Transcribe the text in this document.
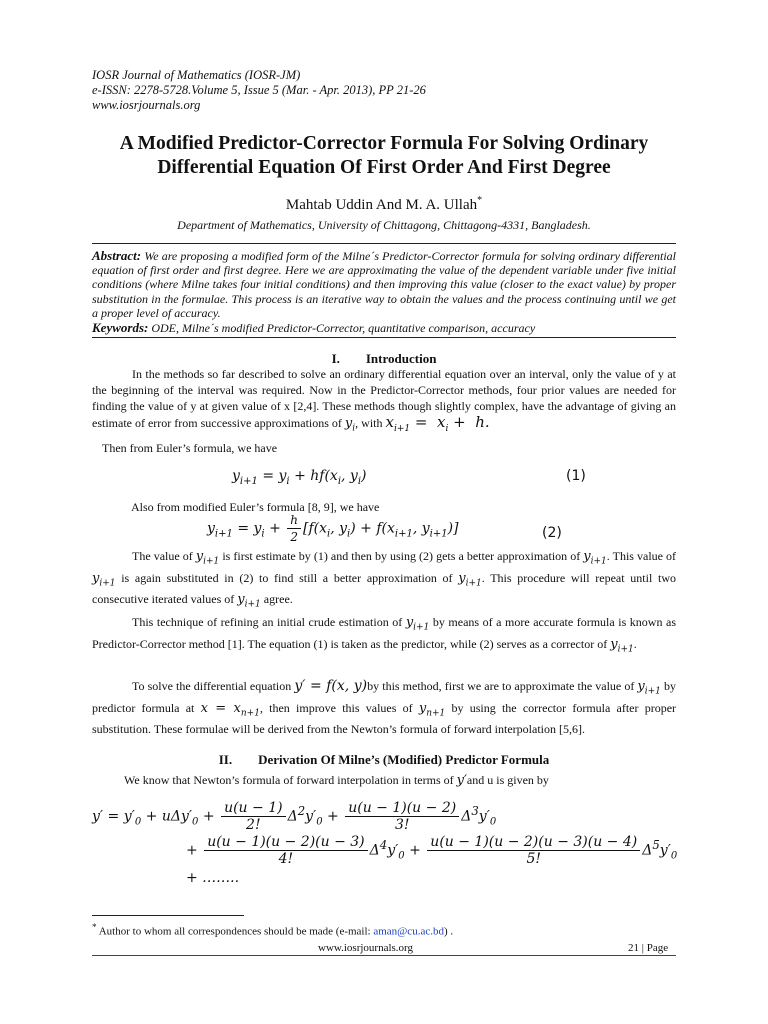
IOSR Journal of Mathematics (IOSR-JM)
e-ISSN: 2278-5728.Volume 5, Issue 5 (Mar. - Apr. 2013), PP 21-26
www.iosrjournals.org
A Modified Predictor-Corrector Formula For Solving Ordinary
Differential Equation Of First Order And First Degree
Mahtab Uddin And M. A. Ullah*
Department of Mathematics, University of Chittagong, Chittagong-4331, Bangladesh.
Abstract: We are proposing a modified form of the Milne´s Predictor-Corrector formula for solving ordinary differential equation of first order and first degree. Here we are approximating the value of the dependent variable under five initial conditions (where Milne takes four initial conditions) and then improving this value (closer to the exact value) by proper substitution in the formulae. This process is an iterative way to obtain the values and the process continuing until we get a proper level of accuracy.
Keywords: ODE, Milne´s modified Predictor-Corrector, quantitative comparison, accuracy
I. Introduction
In the methods so far described to solve an ordinary differential equation over an interval, only the value of y at the beginning of the interval was required. Now in the Predictor-Corrector methods, four prior values are needed for finding the value of y at given value of x [2,4]. These methods though slightly complex, have the advantage of giving an estimate of error from successive approximations of $y_i$, with $x_{i+1} = x_i + h$.
Then from Euler’s formula, we have
$y_{i+1} = y_i + hf(x_i$, $y_i$)	(1)
Also from modified Euler’s formula [8, 9], we have
$y_{i+1} = y_i + \frac{h}{2} [f(x_i$, $y_i) + f(x_{i+1}$, $y_{i+1}$)]	(2)
The value of $y_{i+1}$ is first estimate by (1) and then by using (2) gets a better approximation of $y_{i+1}$. This value of $y_{i+1}$ is again substituted in (2) to find still a better approximation of $y_{i+1}$. This procedure will repeat until two consecutive iterated values of $y_{i+1}$ agree.
This technique of refining an initial crude estimation of $y_{i+1}$ by means of a more accurate formula is known as Predictor-Corrector method [1]. The equation (1) is taken as the predictor, while (2) serves as a corrector of $y_{i+1}$.
To solve the differential equation y′ = f(x, y)by this method, first we are to approximate the value of $y_{i+1}$ by predictor formula at $x = x_{n+1}$, then improve this values of $y_{n+1}$ by using the corrector formula after proper substitution. These formulae will be derived from the Newton’s formula of forward interpolation [5,6].
II. Derivation Of Milne’s (Modified) Predictor Formula
We know that Newton’s formula of forward interpolation in terms of y′and u is given by
$y' = y'_0 + u\Delta y'_0 + \frac{u(u - 1)}{2!} \Delta^2y'_0 + \frac{u(u - 1)(u - 2)}{3!} \Delta^3y'_0$
+ $\frac{u(u - 1)(u - 2)(u - 3)}{4!} \Delta^4y'_0 + \frac{u(u - 1)(u - 2)(u - 3)(u - 4)}{5!} \Delta^5y'_0$
+ ……..
* Author to whom all correspondences should be made (e-mail: aman@cu.ac.bd) .
www.iosrjournals.org	21 | Page
